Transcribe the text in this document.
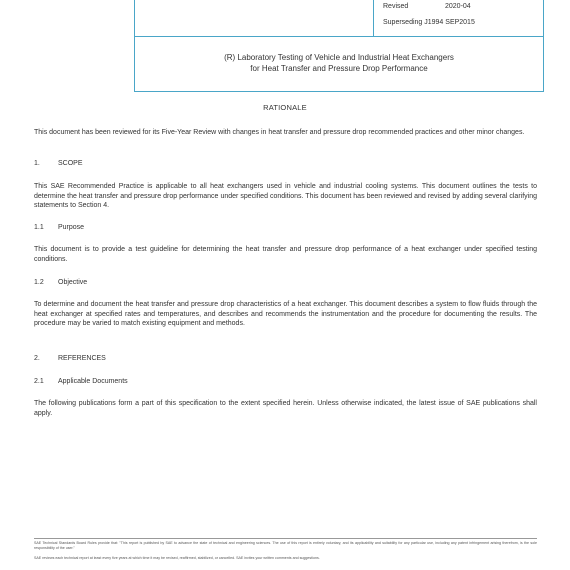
Revised	2020-04
Superseding J1994 SEP2015
(R) Laboratory Testing of Vehicle and Industrial Heat Exchangers
for Heat Transfer and Pressure Drop Performance
RATIONALE
This document has been reviewed for its Five-Year Review with changes in heat transfer and pressure drop recommended practices and other minor changes.
1.	SCOPE
This SAE Recommended Practice is applicable to all heat exchangers used in vehicle and industrial cooling systems. This document outlines the tests to determine the heat transfer and pressure drop performance under specified conditions. This document has been reviewed and revised by adding several clarifying statements to Section 4.
1.1 Purpose
This document is to provide a test guideline for determining the heat transfer and pressure drop performance of a heat exchanger under specified testing conditions.
1.2 Objective
To determine and document the heat transfer and pressure drop characteristics of a heat exchanger. This document describes a system to flow fluids through the heat exchanger at specified rates and temperatures, and describes and recommends the instrumentation and the procedure for documenting the results. The procedure may be varied to match existing equipment and methods.
2.	REFERENCES
2.1 Applicable Documents
The following publications form a part of this specification to the extent specified herein. Unless otherwise indicated, the latest issue of SAE publications shall apply.
SAE Technical Standards Board Rules provide that: "This report is published by SAE to advance the state of technical and engineering sciences. The use of this report is entirely voluntary, and its applicability and suitability for any particular use, including any patent infringement arising therefrom, is the sole responsibility of the user."
SAE reviews each technical report at least every five years at which time it may be revised, reaffirmed, stabilized, or cancelled. SAE invites your written comments and suggestions.
